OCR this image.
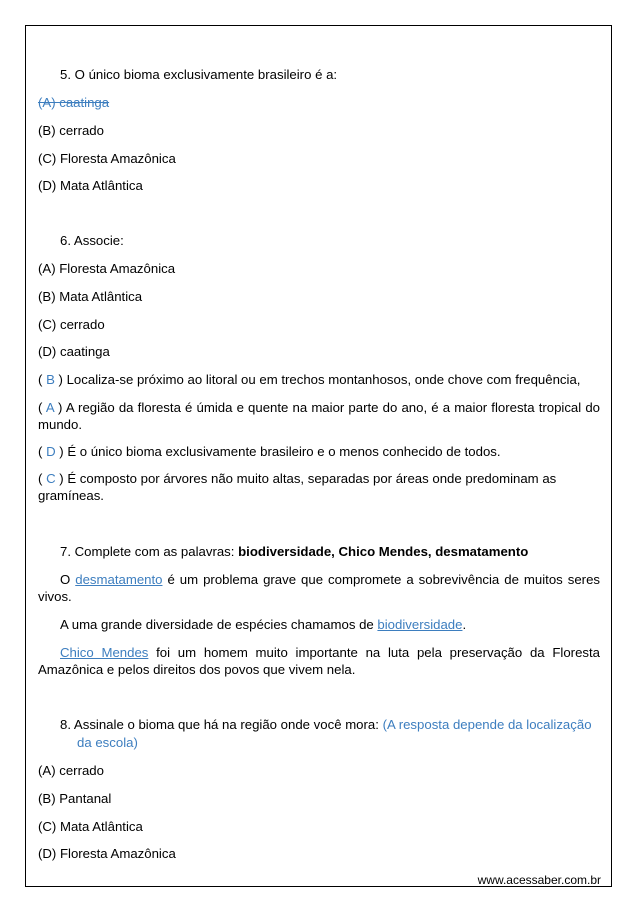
5. O único bioma exclusivamente brasileiro é a:
(A) caatinga
(B) cerrado
(C) Floresta Amazônica
(D) Mata Atlântica
6. Associe:
(A) Floresta Amazônica
(B) Mata Atlântica
(C) cerrado
(D) caatinga
( B ) Localiza-se próximo ao litoral ou em trechos montanhosos, onde chove com frequência,
( A ) A região da floresta é úmida e quente na maior parte do ano, é a maior floresta tropical do mundo.
( D ) É o único bioma exclusivamente brasileiro e o menos conhecido de todos.
( C ) É composto por árvores não muito altas, separadas por áreas onde predominam as gramíneas.
7. Complete com as palavras: biodiversidade, Chico Mendes, desmatamento
O desmatamento é um problema grave que compromete a sobrevivência de muitos seres vivos.
A uma grande diversidade de espécies chamamos de biodiversidade.
Chico Mendes foi um homem muito importante na luta pela preservação da Floresta Amazônica e pelos direitos dos povos que vivem nela.
8. Assinale o bioma que há na região onde você mora: (A resposta depende da localização
da escola)
(A) cerrado
(B) Pantanal
(C) Mata Atlântica
(D) Floresta Amazônica
www.acessaber.com.br
